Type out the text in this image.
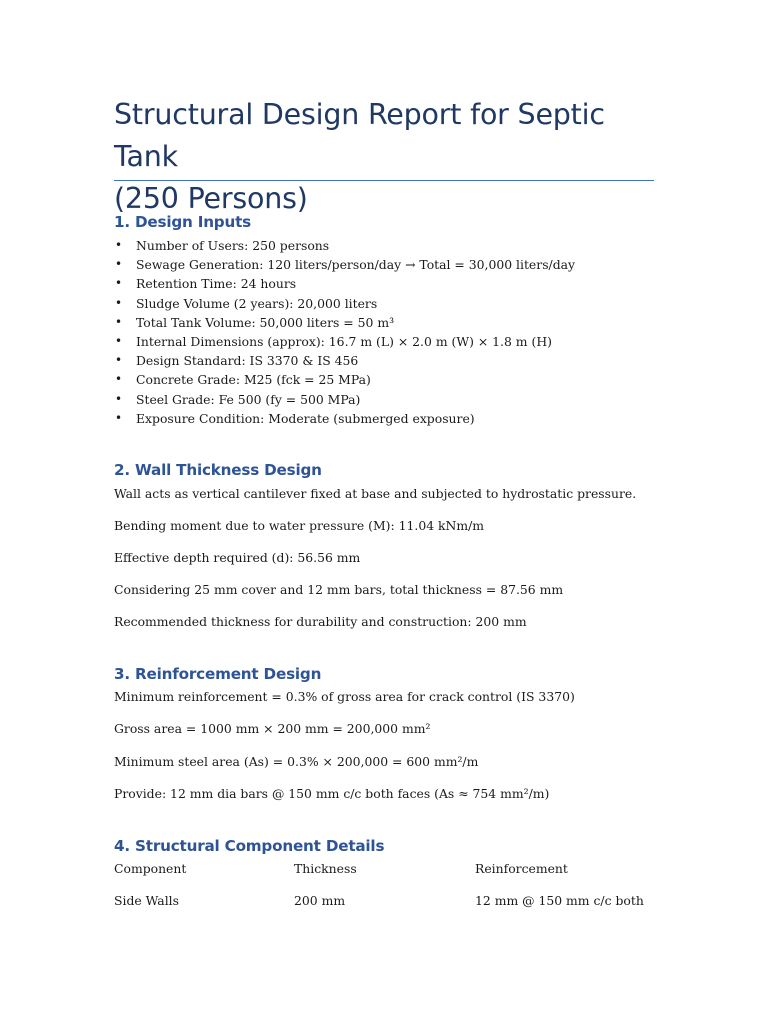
Structural Design Report for Septic Tank
(250 Persons)
1. Design Inputs
• Number of Users: 250 persons
• Sewage Generation: 120 liters/person/day → Total = 30,000 liters/day
• Retention Time: 24 hours
• Sludge Volume (2 years): 20,000 liters
• Total Tank Volume: 50,000 liters = 50 m³
• Internal Dimensions (approx): 16.7 m (L) × 2.0 m (W) × 1.8 m (H)
• Design Standard: IS 3370 & IS 456
• Concrete Grade: M25 (fck = 25 MPa)
• Steel Grade: Fe 500 (fy = 500 MPa)
• Exposure Condition: Moderate (submerged exposure)
2. Wall Thickness Design
Wall acts as vertical cantilever fixed at base and subjected to hydrostatic pressure.
Bending moment due to water pressure (M): 11.04 kNm/m
Effective depth required (d): 56.56 mm
Considering 25 mm cover and 12 mm bars, total thickness = 87.56 mm
Recommended thickness for durability and construction: 200 mm
3. Reinforcement Design
Minimum reinforcement = 0.3% of gross area for crack control (IS 3370)
Gross area = 1000 mm × 200 mm = 200,000 mm²
Minimum steel area (As) = 0.3% × 200,000 = 600 mm²/m
Provide: 12 mm dia bars @ 150 mm c/c both faces (As ≈ 754 mm²/m)
4. Structural Component Details
Component	Thickness	Reinforcement
Side Walls	200 mm	12 mm @ 150 mm c/c both
